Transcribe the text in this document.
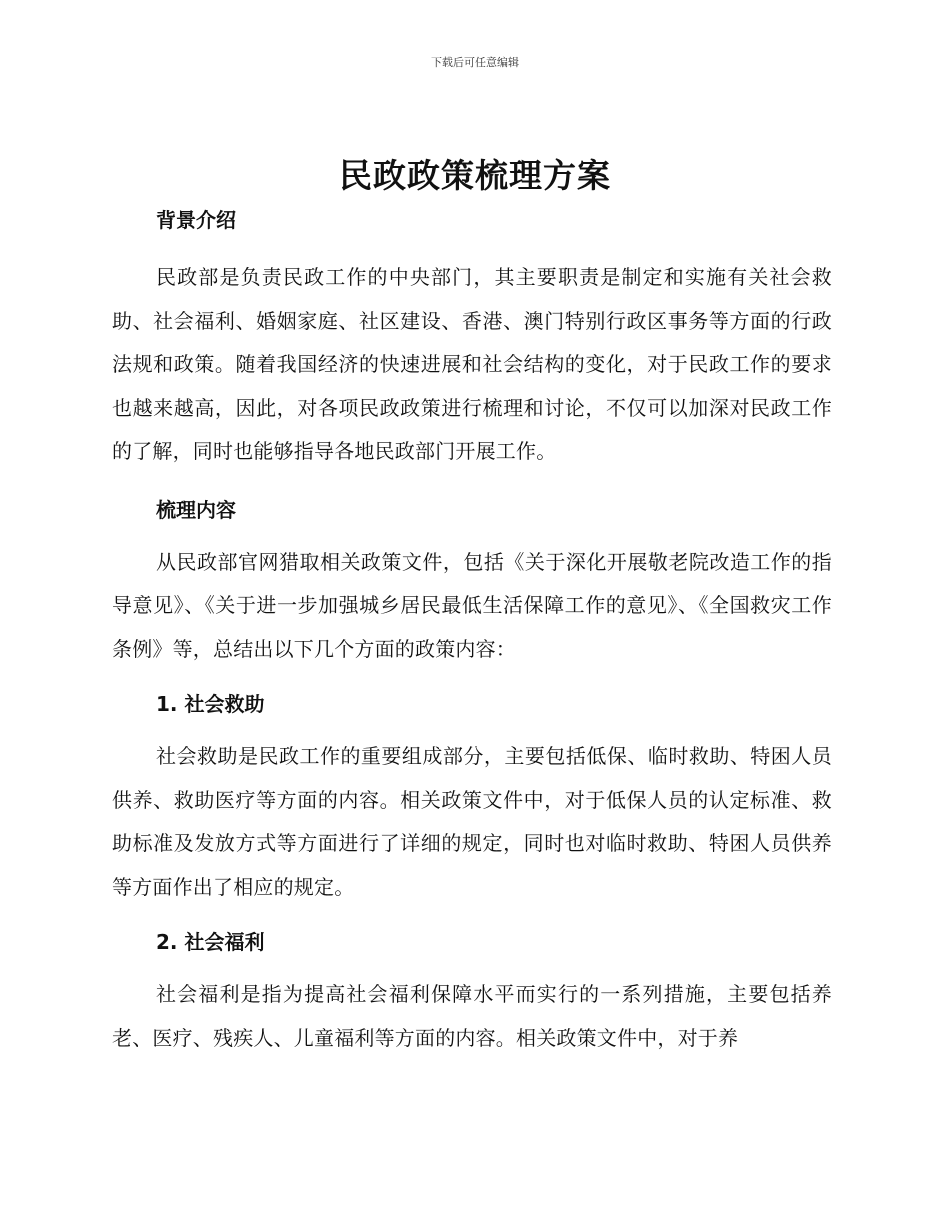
下载后可任意编辑
民政政策梳理方案
背景介绍

民政部是负责民政工作的中央部门，其主要职责是制定和实施有关社会救助、社会福利、婚姻家庭、社区建设、香港、澳门特别行政区事务等方面的行政法规和政策。随着我国经济的快速进展和社会结构的变化，对于民政工作的要求也越来越高，因此，对各项民政政策进行梳理和讨论，不仅可以加深对民政工作的了解，同时也能够指导各地民政部门开展工作。

梳理内容

从民政部官网猎取相关政策文件，包括《关于深化开展敬老院改造工作的指导意见》、《关于进一步加强城乡居民最低生活保障工作的意见》、《全国救灾工作条例》等，总结出以下几个方面的政策内容：

1. 社会救助

社会救助是民政工作的重要组成部分，主要包括低保、临时救助、特困人员供养、救助医疗等方面的内容。相关政策文件中，对于低保人员的认定标准、救助标准及发放方式等方面进行了详细的规定，同时也对临时救助、特困人员供养等方面作出了相应的规定。

2. 社会福利

社会福利是指为提高社会福利保障水平而实行的一系列措施，主要包括养老、医疗、残疾人、儿童福利等方面的内容。相关政策文件中，对于养
